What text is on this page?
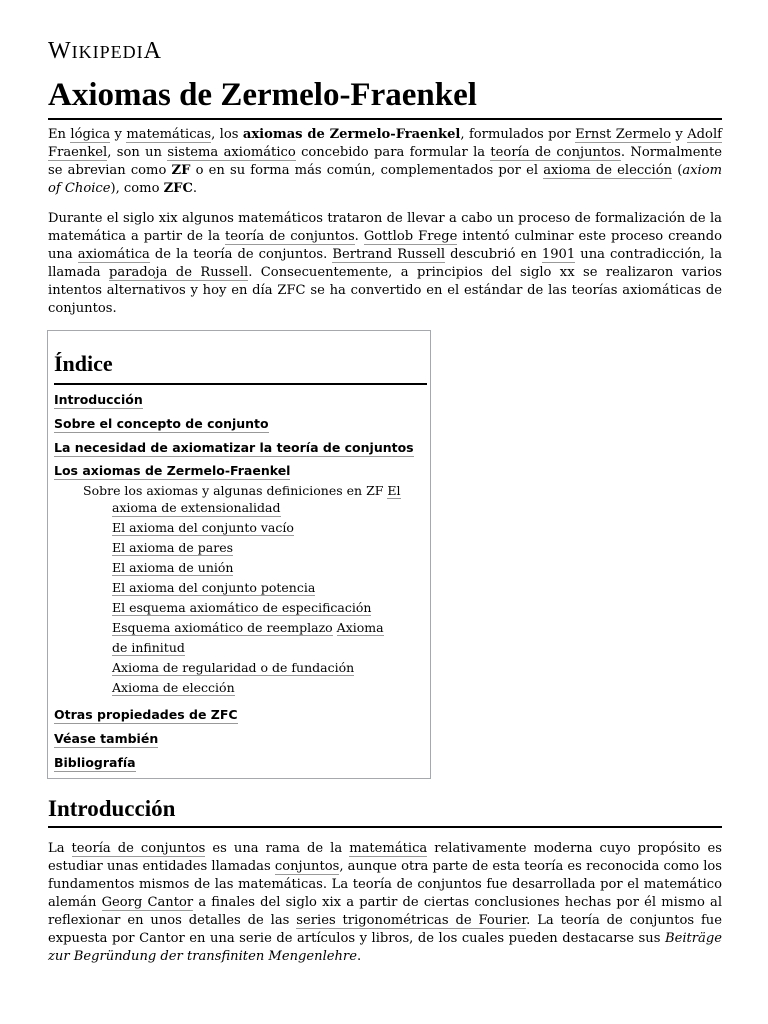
WIKIPEDIA
Axiomas de Zermelo-Fraenkel

En lógica y matemáticas, los axiomas de Zermelo-Fraenkel, formulados por Ernst Zermelo y Adolf Fraenkel, son un sistema axiomático concebido para formular la teoría de conjuntos. Normalmente se abrevian como ZF o en su forma más común, complementados por el axioma de elección (axiom of Choice), como ZFC.

Durante el siglo xix algunos matemáticos trataron de llevar a cabo un proceso de formalización de la matemática a partir de la teoría de conjuntos. Gottlob Frege intentó culminar este proceso creando una axiomática de la teoría de conjuntos. Bertrand Russell descubrió en 1901 una contradicción, la llamada paradoja de Russell. Consecuentemente, a principios del siglo xx se realizaron varios intentos alternativos y hoy en día ZFC se ha convertido en el estándar de las teorías axiomáticas de conjuntos.

Índice
Introducción
Sobre el concepto de conjunto
La necesidad de axiomatizar la teoría de conjuntos
Los axiomas de Zermelo-Fraenkel
Sobre los axiomas y algunas definiciones en ZF El
axioma de extensionalidad
El axioma del conjunto vacío
El axioma de pares
El axioma de unión
El axioma del conjunto potencia
El esquema axiomático de especificación
Esquema axiomático de reemplazo Axioma
de infinitud
Axioma de regularidad o de fundación
Axioma de elección
Otras propiedades de ZFC
Véase también
Bibliografía
Introducción

La teoría de conjuntos es una rama de la matemática relativamente moderna cuyo propósito es estudiar unas entidades llamadas conjuntos, aunque otra parte de esta teoría es reconocida como los fundamentos mismos de las matemáticas. La teoría de conjuntos fue desarrollada por el matemático alemán Georg Cantor a finales del siglo xix a partir de ciertas conclusiones hechas por él mismo al reflexionar en unos detalles de las series trigonométricas de Fourier. La teoría de conjuntos fue expuesta por Cantor en una serie de artículos y libros, de los cuales pueden destacarse sus Beiträge zur Begründung der transfiniten Mengenlehre.
